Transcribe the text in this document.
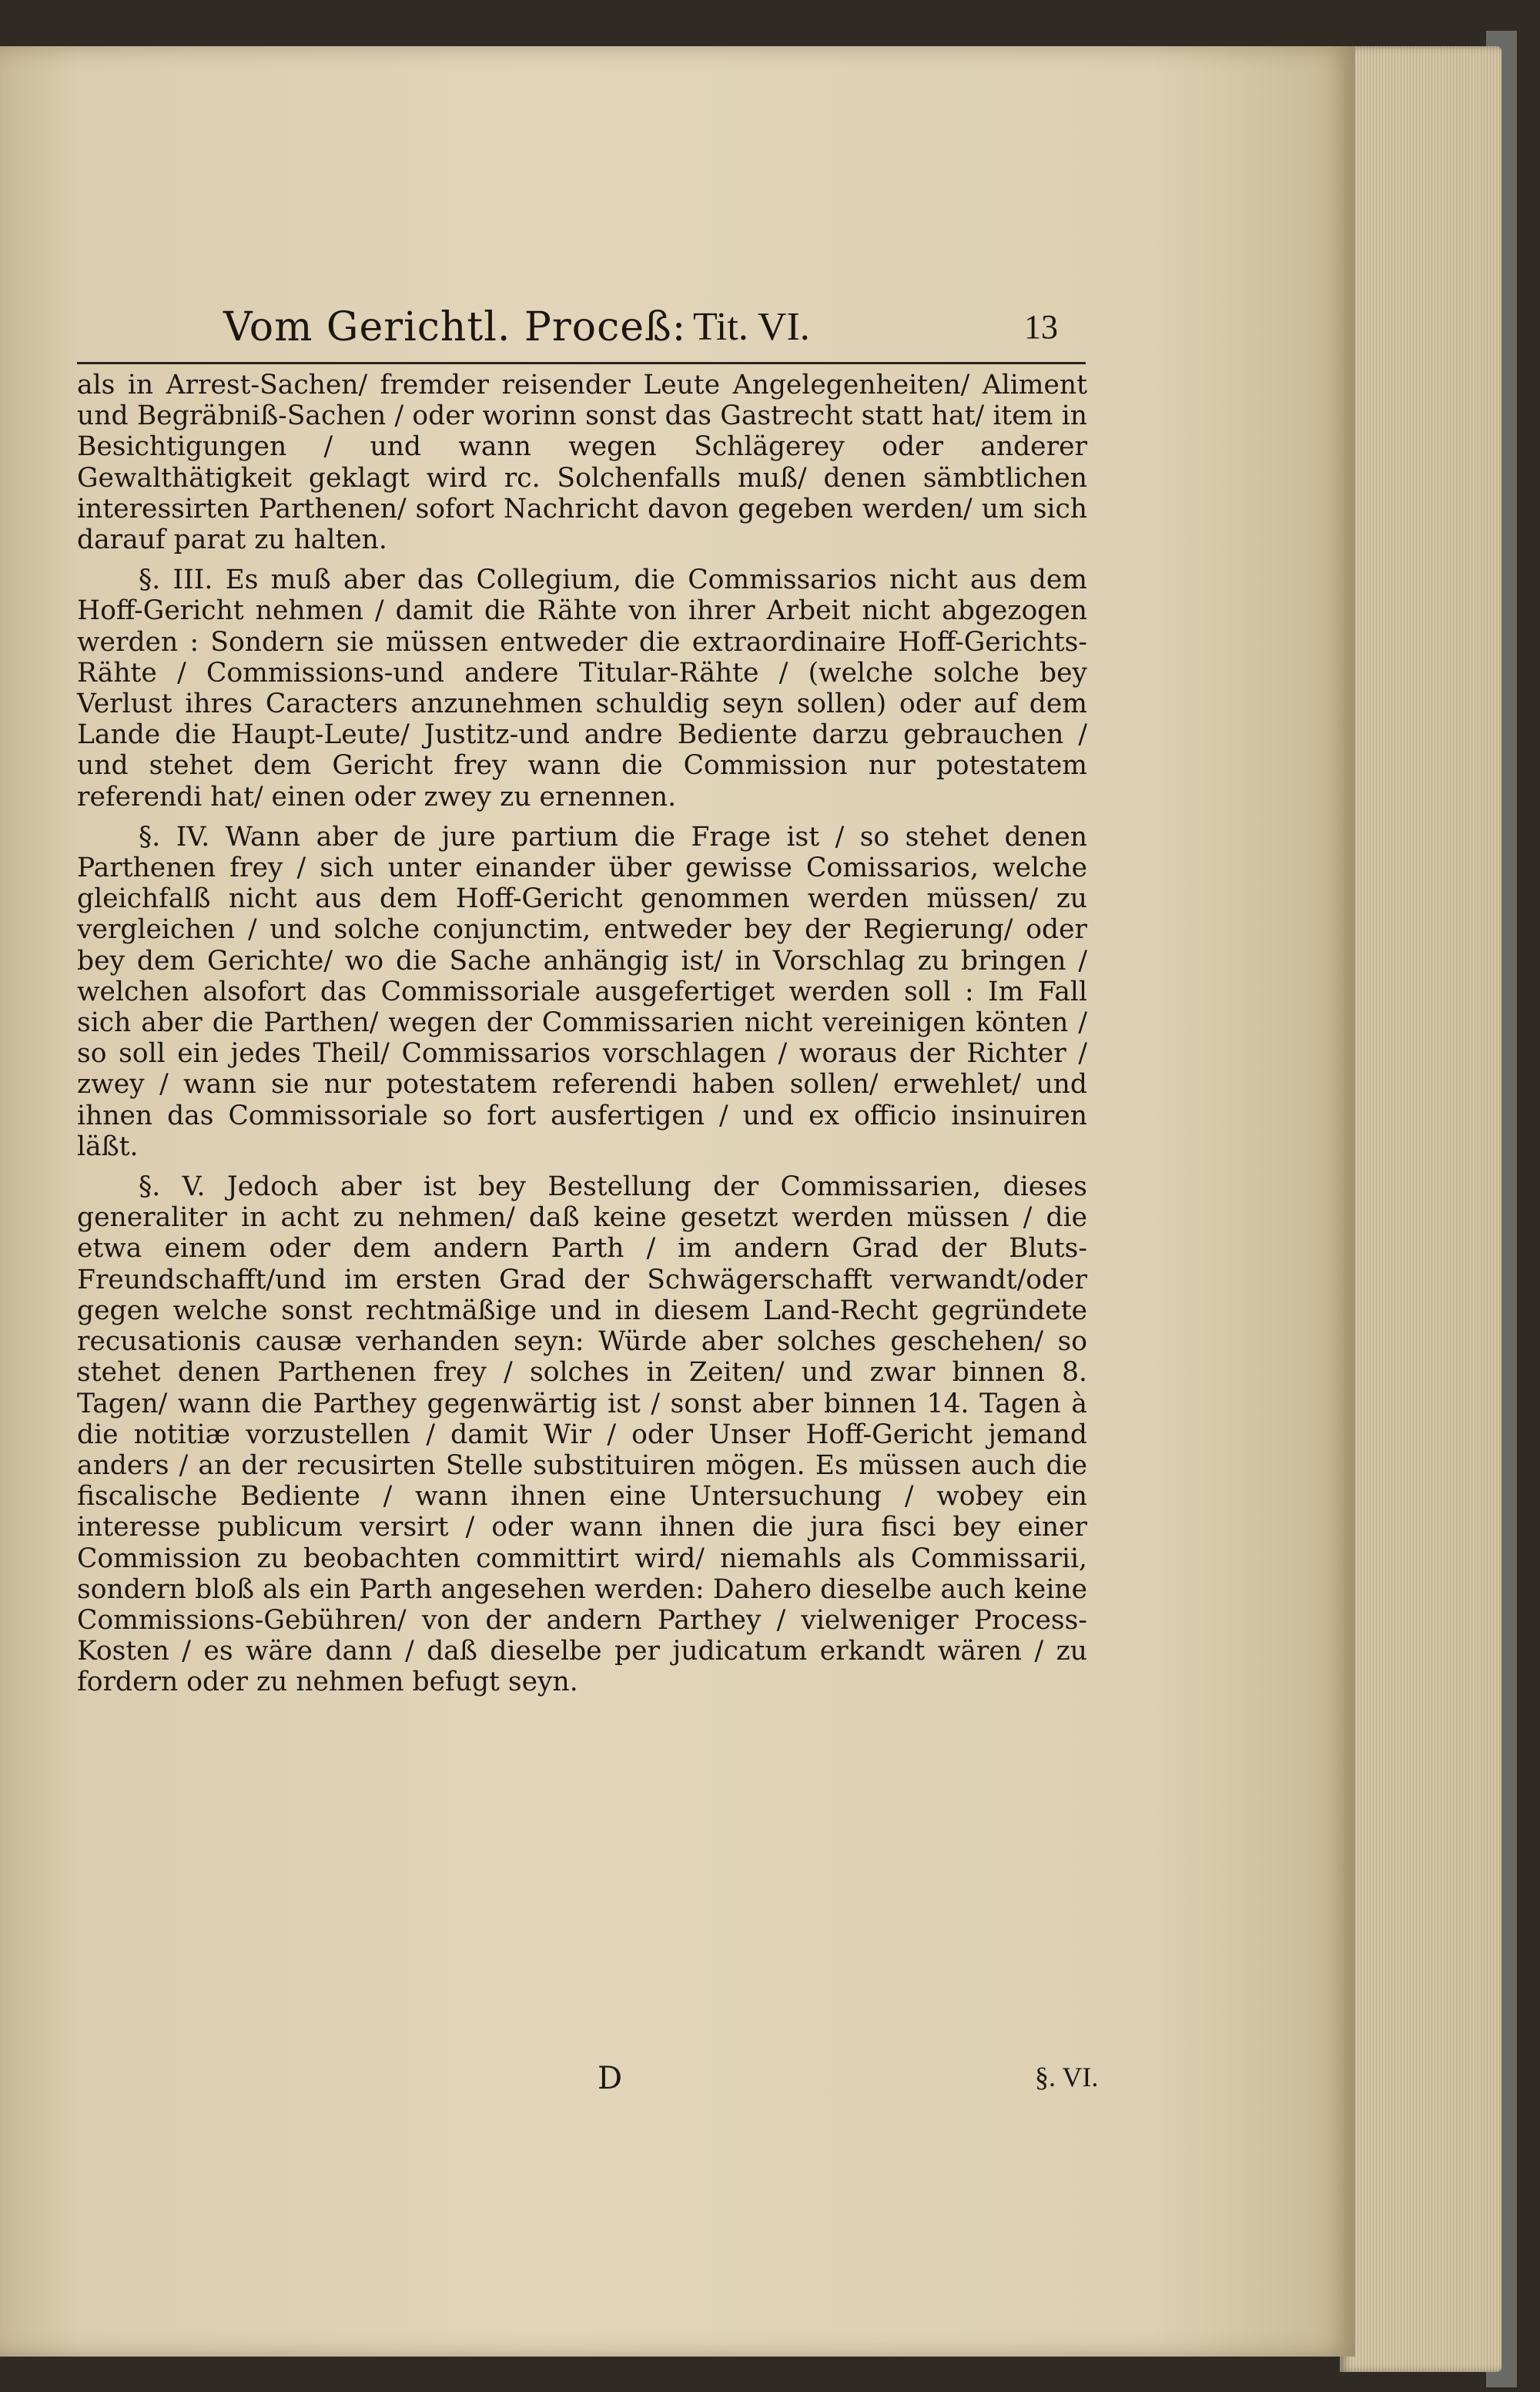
Vom Gerichtl. Proceß: Tit. VI.	13

als in Arrest-Sachen/ fremder reisender Leute Angelegenheiten/ Aliment und Begräbniß-Sachen / oder worinn sonst das Gastrecht statt hat/ item in Besichtigungen / und wann wegen Schlägerey oder anderer Gewalthätigkeit geklagt wird rc. Solchenfalls muß/ denen sämbtlichen interessirten Parthenen/ sofort Nachricht davon gegeben werden/ um sich darauf parat zu halten.

§. III. Es muß aber das Collegium, die Commissarios nicht aus dem Hoff-Gericht nehmen / damit die Rähte von ihrer Arbeit nicht abgezogen werden : Sondern sie müssen entweder die extraordinaire Hoff-Gerichts-Rähte / Commissions-und andere Titular-Rähte / (welche solche bey Verlust ihres Caracters anzunehmen schuldig seyn sollen) oder auf dem Lande die Haupt-Leute/ Justitz-und andre Bediente darzu gebrauchen / und stehet dem Gericht frey wann die Commission nur potestatem referendi hat/ einen oder zwey zu ernennen.

§. IV. Wann aber de jure partium die Frage ist / so stehet denen Parthenen frey / sich unter einander über gewisse Comissarios, welche gleichfalß nicht aus dem Hoff-Gericht genommen werden müssen/ zu vergleichen / und solche conjunctim, entweder bey der Regierung/ oder bey dem Gerichte/ wo die Sache anhängig ist/ in Vorschlag zu bringen / welchen alsofort das Commissoriale ausgefertiget werden soll : Im Fall sich aber die Parthen/ wegen der Commissarien nicht vereinigen könten / so soll ein jedes Theil/ Commissarios vorschlagen / woraus der Richter / zwey / wann sie nur potestatem referendi haben sollen/ erwehlet/ und ihnen das Commissoriale so fort ausfertigen / und ex officio insinuiren läßt.

§. V. Jedoch aber ist bey Bestellung der Commissarien, dieses generaliter in acht zu nehmen/ daß keine gesetzt werden müssen / die etwa einem oder dem andern Parth / im andern Grad der Bluts-Freundschafft/und im ersten Grad der Schwägerschafft verwandt/oder gegen welche sonst rechtmäßige und in diesem Land-Recht gegründete recusationis causæ verhanden seyn: Würde aber solches geschehen/ so stehet denen Parthenen frey / solches in Zeiten/ und zwar binnen 8. Tagen/ wann die Parthey gegenwärtig ist / sonst aber binnen 14. Tagen à die notitiæ vorzustellen / damit Wir / oder Unser Hoff-Gericht jemand anders / an der recusirten Stelle substituiren mögen. Es müssen auch die fiscalische Bediente / wann ihnen eine Untersuchung / wobey ein interesse publicum versirt / oder wann ihnen die jura fisci bey einer Commission zu beobachten committirt wird/ niemahls als Commissarii, sondern bloß als ein Parth angesehen werden: Dahero dieselbe auch keine Commissions-Gebühren/ von der andern Parthey / vielweniger Process-Kosten / es wäre dann / daß dieselbe per judicatum erkandt wären / zu fordern oder zu nehmen befugt seyn.

D	§. VI.
